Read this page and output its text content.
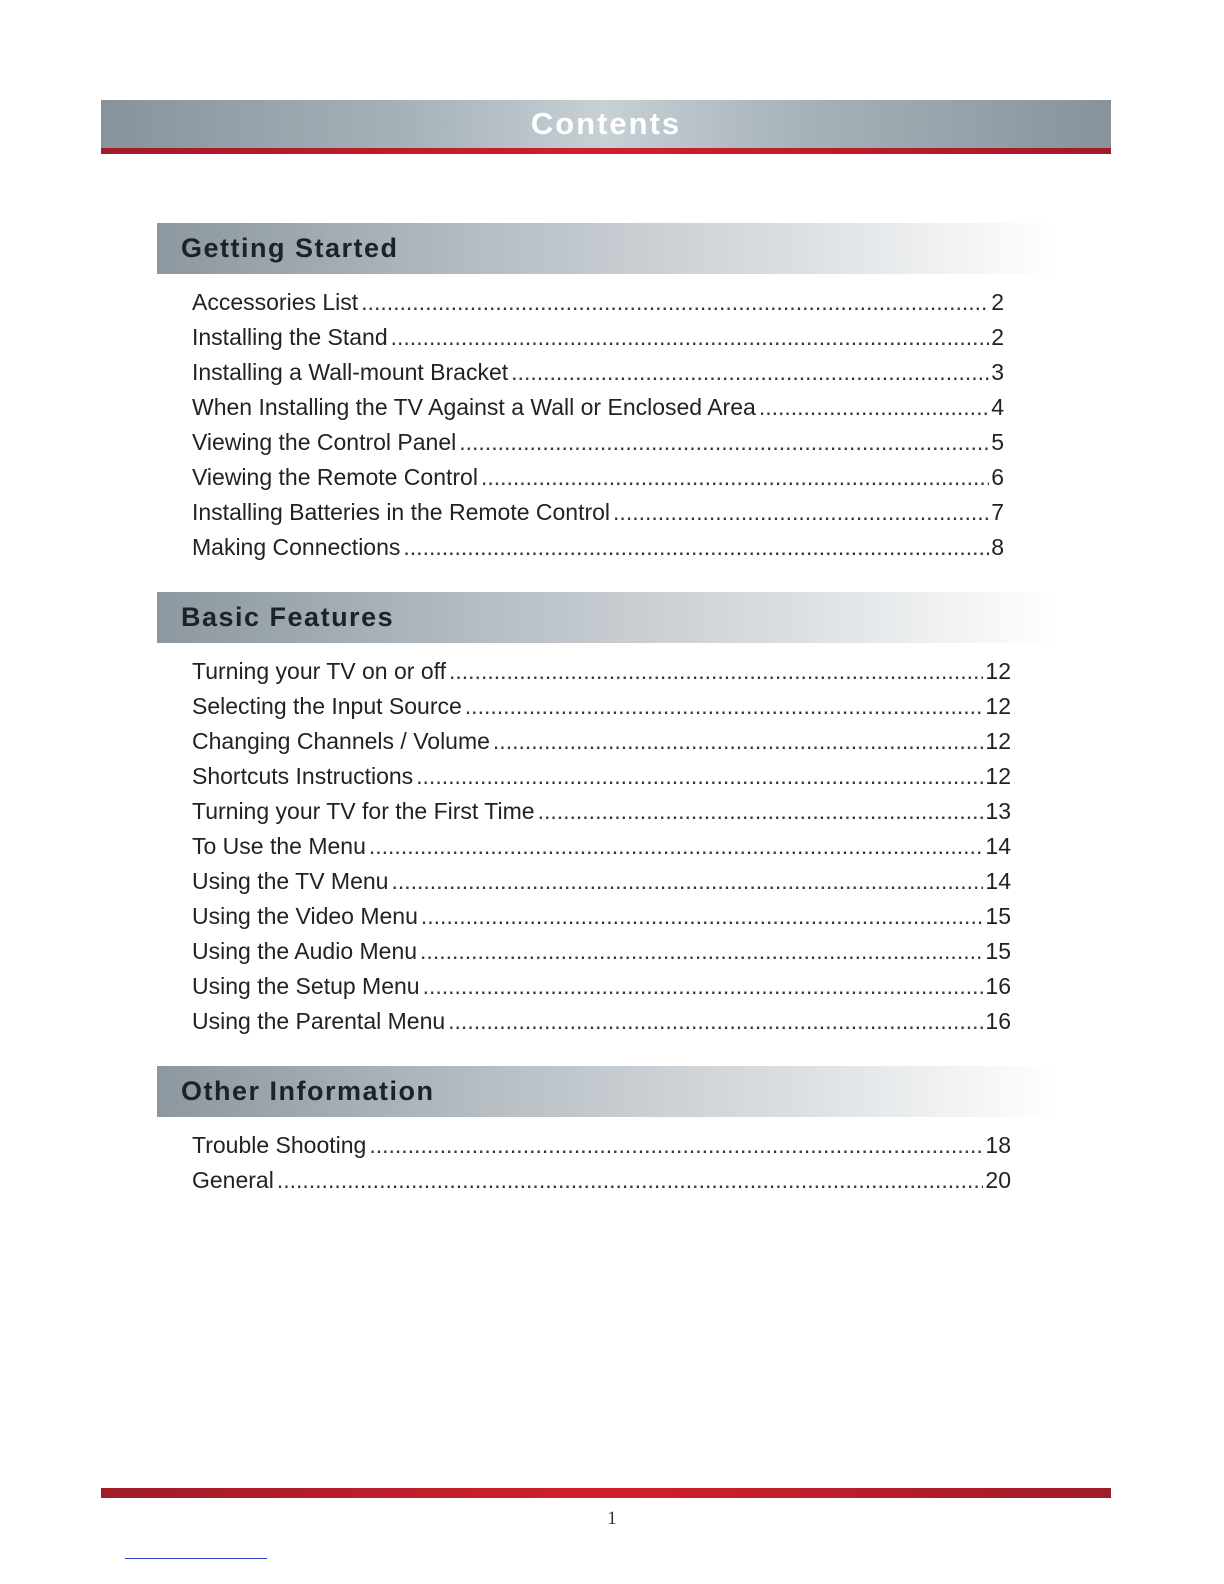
Contents
Getting Started
Accessories List .....	2
Installing the Stand .....	2
Installing a Wall-mount Bracket .....	3
When Installing the TV Against a Wall or Enclosed Area .....	4
Viewing the Control Panel .....	5
Viewing the Remote Control .....	6
Installing Batteries in the Remote Control .....	7
Making Connections .....	8
Basic Features
Turning your TV on or off .....	12
Selecting the Input Source .....	12
Changing Channels / Volume .....	12
Shortcuts Instructions .....	12
Turning your TV for the First Time .....	13
To Use the Menu .....	14
Using the TV Menu .....	14
Using the Video Menu .....	15
Using the Audio Menu .....	15
Using the Setup Menu .....	16
Using the Parental Menu .....	16
Other Information
Trouble Shooting .....	18
General .....	20
1
